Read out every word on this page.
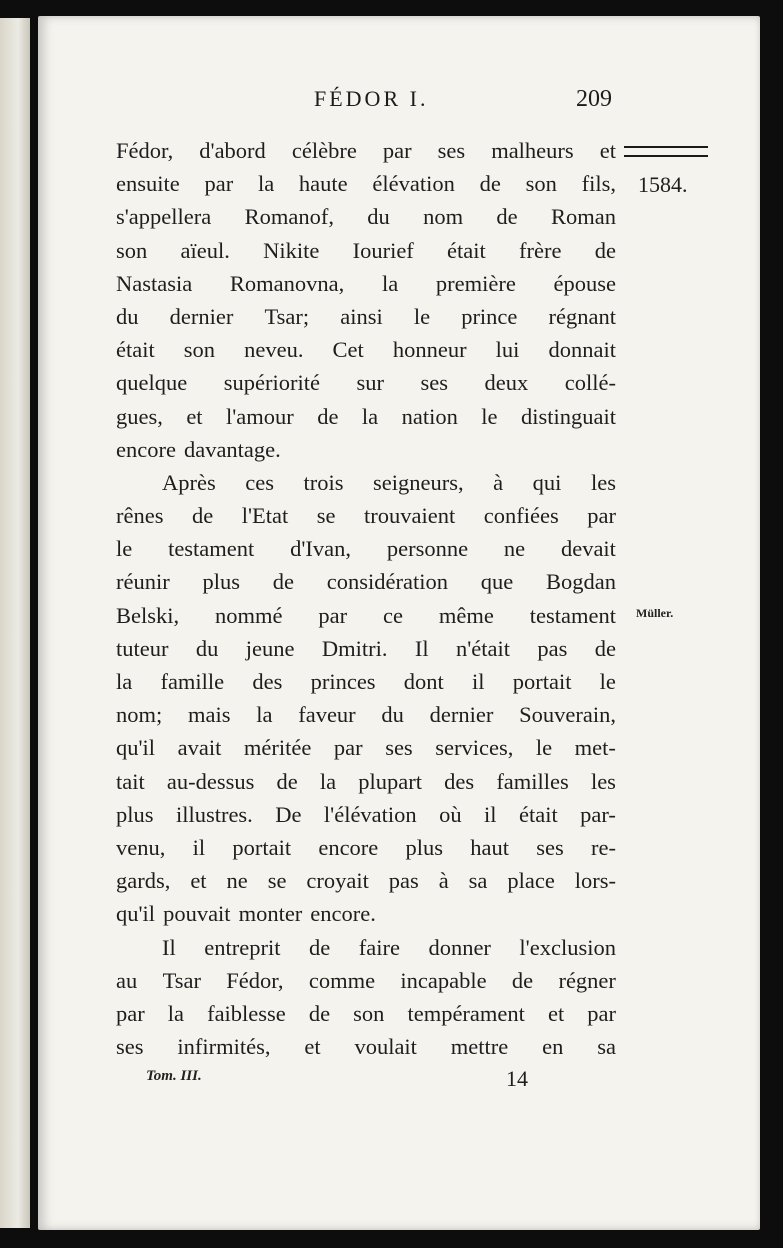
FÉDOR I.	209
1584.
Müller.
Fédor, d'abord célèbre par ses malheurs et
ensuite par la haute élévation de son fils,
s'appellera Romanof, du nom de Roman
son aïeul. Nikite Iourief était frère de
Nastasia Romanovna, la première épouse
du dernier Tsar; ainsi le prince régnant
était son neveu. Cet honneur lui donnait
quelque supériorité sur ses deux collé-
gues, et l'amour de la nation le distinguait
encore davantage.
Après ces trois seigneurs, à qui les
rênes de l'Etat se trouvaient confiées par
le testament d'Ivan, personne ne devait
réunir plus de considération que Bogdan
Belski, nommé par ce même testament
tuteur du jeune Dmitri. Il n'était pas de
la famille des princes dont il portait le
nom; mais la faveur du dernier Souverain,
qu'il avait méritée par ses services, le met-
tait au-dessus de la plupart des familles les
plus illustres. De l'élévation où il était par-
venu, il portait encore plus haut ses re-
gards, et ne se croyait pas à sa place lors-
qu'il pouvait monter encore.
Il entreprit de faire donner l'exclusion
au Tsar Fédor, comme incapable de régner
par la faiblesse de son tempérament et par
ses infirmités, et voulait mettre en sa
Tom. III.	14
